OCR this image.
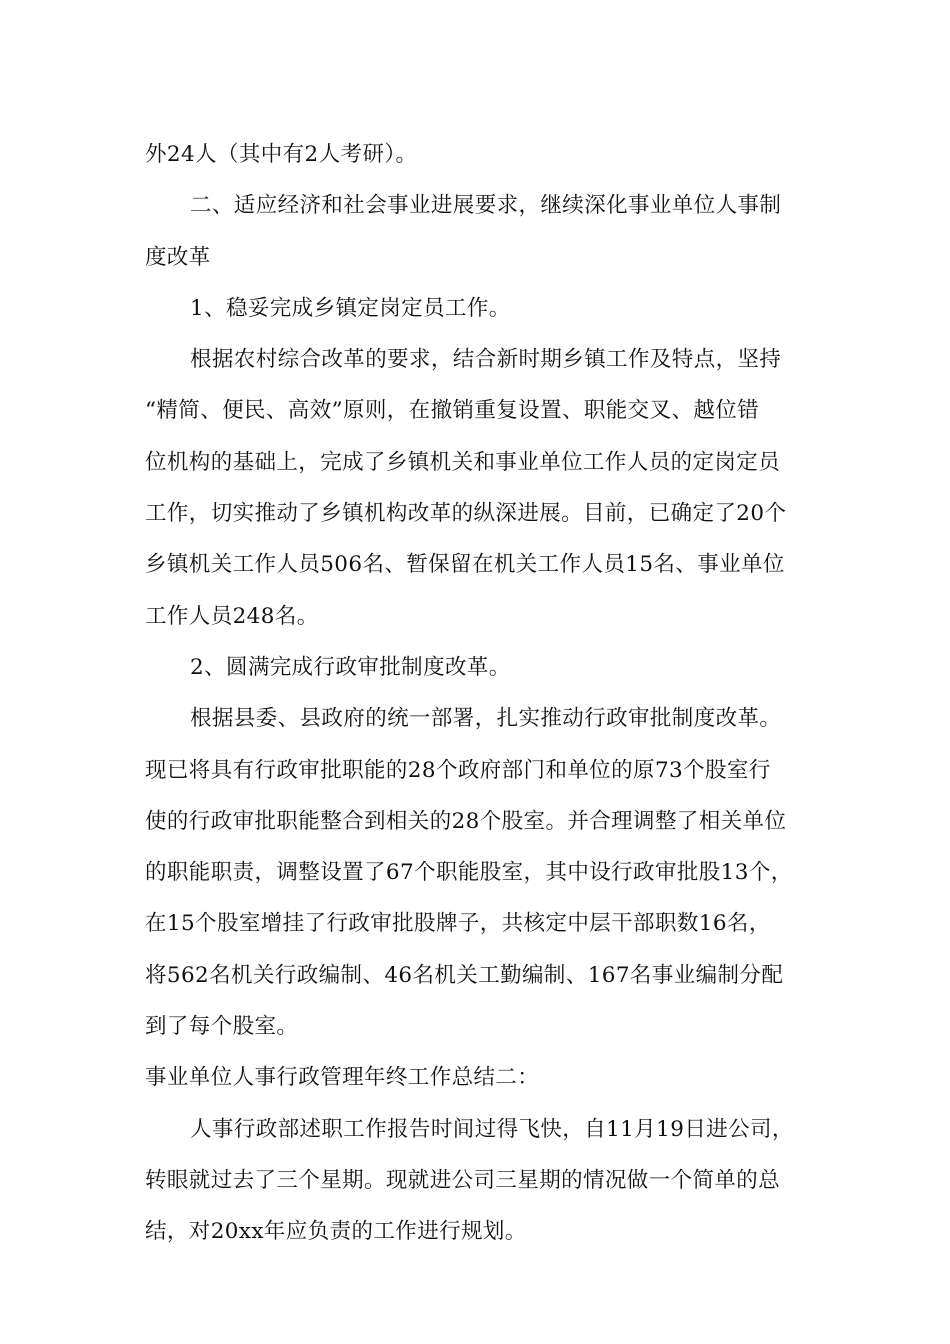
外24人（其中有2人考研）。
二、适应经济和社会事业进展要求，继续深化事业单位人事制
度改革
1、稳妥完成乡镇定岗定员工作。
根据农村综合改革的要求，结合新时期乡镇工作及特点，坚持
“精简、便民、高效”原则，在撤销重复设置、职能交叉、越位错
位机构的基础上，完成了乡镇机关和事业单位工作人员的定岗定员
工作，切实推动了乡镇机构改革的纵深进展。目前，已确定了20个
乡镇机关工作人员506名、暂保留在机关工作人员15名、事业单位
工作人员248名。
2、圆满完成行政审批制度改革。
根据县委、县政府的统一部署，扎实推动行政审批制度改革。
现已将具有行政审批职能的28个政府部门和单位的原73个股室行
使的行政审批职能整合到相关的28个股室。并合理调整了相关单位
的职能职责，调整设置了67个职能股室，其中设行政审批股13个，
在15个股室增挂了行政审批股牌子，共核定中层干部职数16名，
将562名机关行政编制、46名机关工勤编制、167名事业编制分配
到了每个股室。
事业单位人事行政管理年终工作总结二：
人事行政部述职工作报告时间过得飞快，自11月19日进公司，
转眼就过去了三个星期。现就进公司三星期的情况做一个简单的总
结，对20xx年应负责的工作进行规划。
